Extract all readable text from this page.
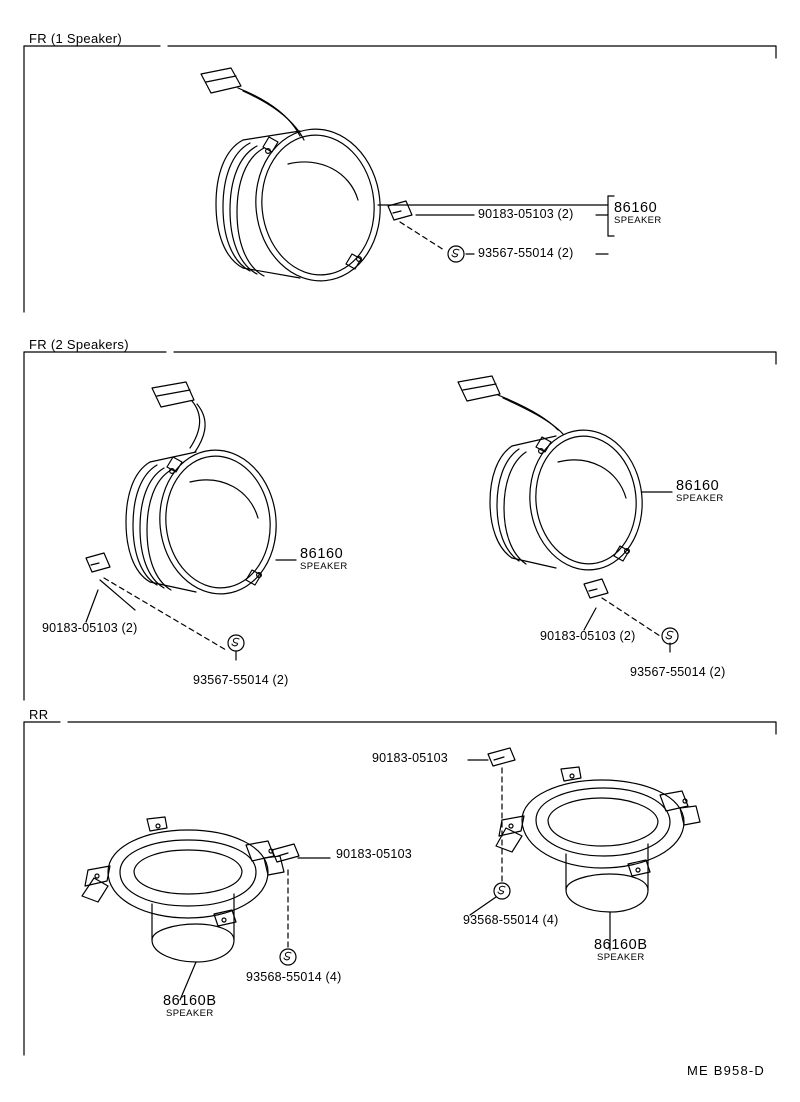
FR (1 Speaker)
FR (2 Speakers)
RR
86160
SPEAKER
90183-05103 (2)
93567-55014 (2)
86160
SPEAKER
90183-05103 (2)
93567-55014 (2)
86160
SPEAKER
90183-05103 (2)
93567-55014 (2)
90183-05103
93568-55014 (4)
86160B
SPEAKER
90183-05103
93568-55014 (4)
86160B
SPEAKER
ME B958-D
